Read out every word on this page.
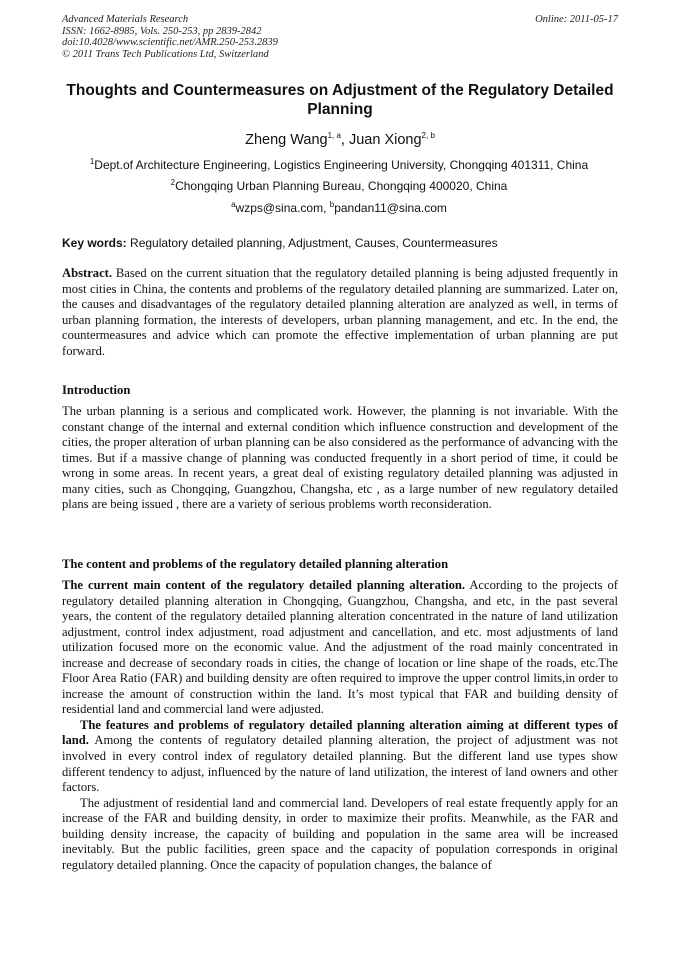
Advanced Materials Research
ISSN: 1662-8985, Vols. 250-253, pp 2839-2842
doi:10.4028/www.scientific.net/AMR.250-253.2839
© 2011 Trans Tech Publications Ltd, Switzerland
Online: 2011-05-17
Thoughts and Countermeasures on Adjustment of the Regulatory Detailed Planning
Zheng Wang$^{1, a}$, Juan Xiong$^{2, b}$
$^1$Dept.of Architecture Engineering, Logistics Engineering University, Chongqing 401311, China
$^2$Chongqing Urban Planning Bureau, Chongqing 400020, China
$^a$wzps@sina.com, $^b$pandan11@sina.com
Key words: Regulatory detailed planning, Adjustment, Causes, Countermeasures

Abstract. Based on the current situation that the regulatory detailed planning is being adjusted frequently in most cities in China, the contents and problems of the regulatory detailed planning are summarized. Later on, the causes and disadvantages of the regulatory detailed planning alteration are analyzed as well, in terms of urban planning formation, the interests of developers, urban planning management, and etc. In the end, the countermeasures and advice which can promote the effective implementation of urban planning are put forward.

Introduction

The urban planning is a serious and complicated work. However, the planning is not invariable. With the constant change of the internal and external condition which influence construction and development of the cities, the proper alteration of urban planning can be also considered as the performance of advancing with the times. But if a massive change of planning was conducted frequently in a short period of time, it could be wrong in some areas. In recent years, a great deal of existing regulatory detailed planning was adjusted in many cities, such as Chongqing, Guangzhou, Changsha, etc , as a large number of new regulatory detailed plans are being issued , there are a variety of serious problems worth reconsideration.

The content and problems of the regulatory detailed planning alteration

The current main content of the regulatory detailed planning alteration. According to the projects of regulatory detailed planning alteration in Chongqing, Guangzhou, Changsha, and etc, in the past several years, the content of the regulatory detailed planning alteration concentrated in the nature of land utilization adjustment, control index adjustment, road adjustment and cancellation, and etc. most adjustments of land utilization focused more on the economic value. And the adjustment of the road mainly concentrated in increase and decrease of secondary roads in cities, the change of location or line shape of the roads, etc.The Floor Area Ratio (FAR) and building density are often required to improve the upper control limits,in order to increase the amount of construction within the land. It’s most typical that FAR and building density of residential land and commercial land were adjusted.

The features and problems of regulatory detailed planning alteration aiming at different types of land. Among the contents of regulatory detailed planning alteration, the project of adjustment was not involved in every control index of regulatory detailed planning. But the different land use types show different tendency to adjust, influenced by the nature of land utilization, the interest of land owners and other factors.

The adjustment of residential land and commercial land. Developers of real estate frequently apply for an increase of the FAR and building density, in order to maximize their profits. Meanwhile, as the FAR and building density increase, the capacity of building and population in the same area will be increased inevitably. But the public facilities, green space and the capacity of population corresponds in original regulatory detailed planning. Once the capacity of population changes, the balance of
